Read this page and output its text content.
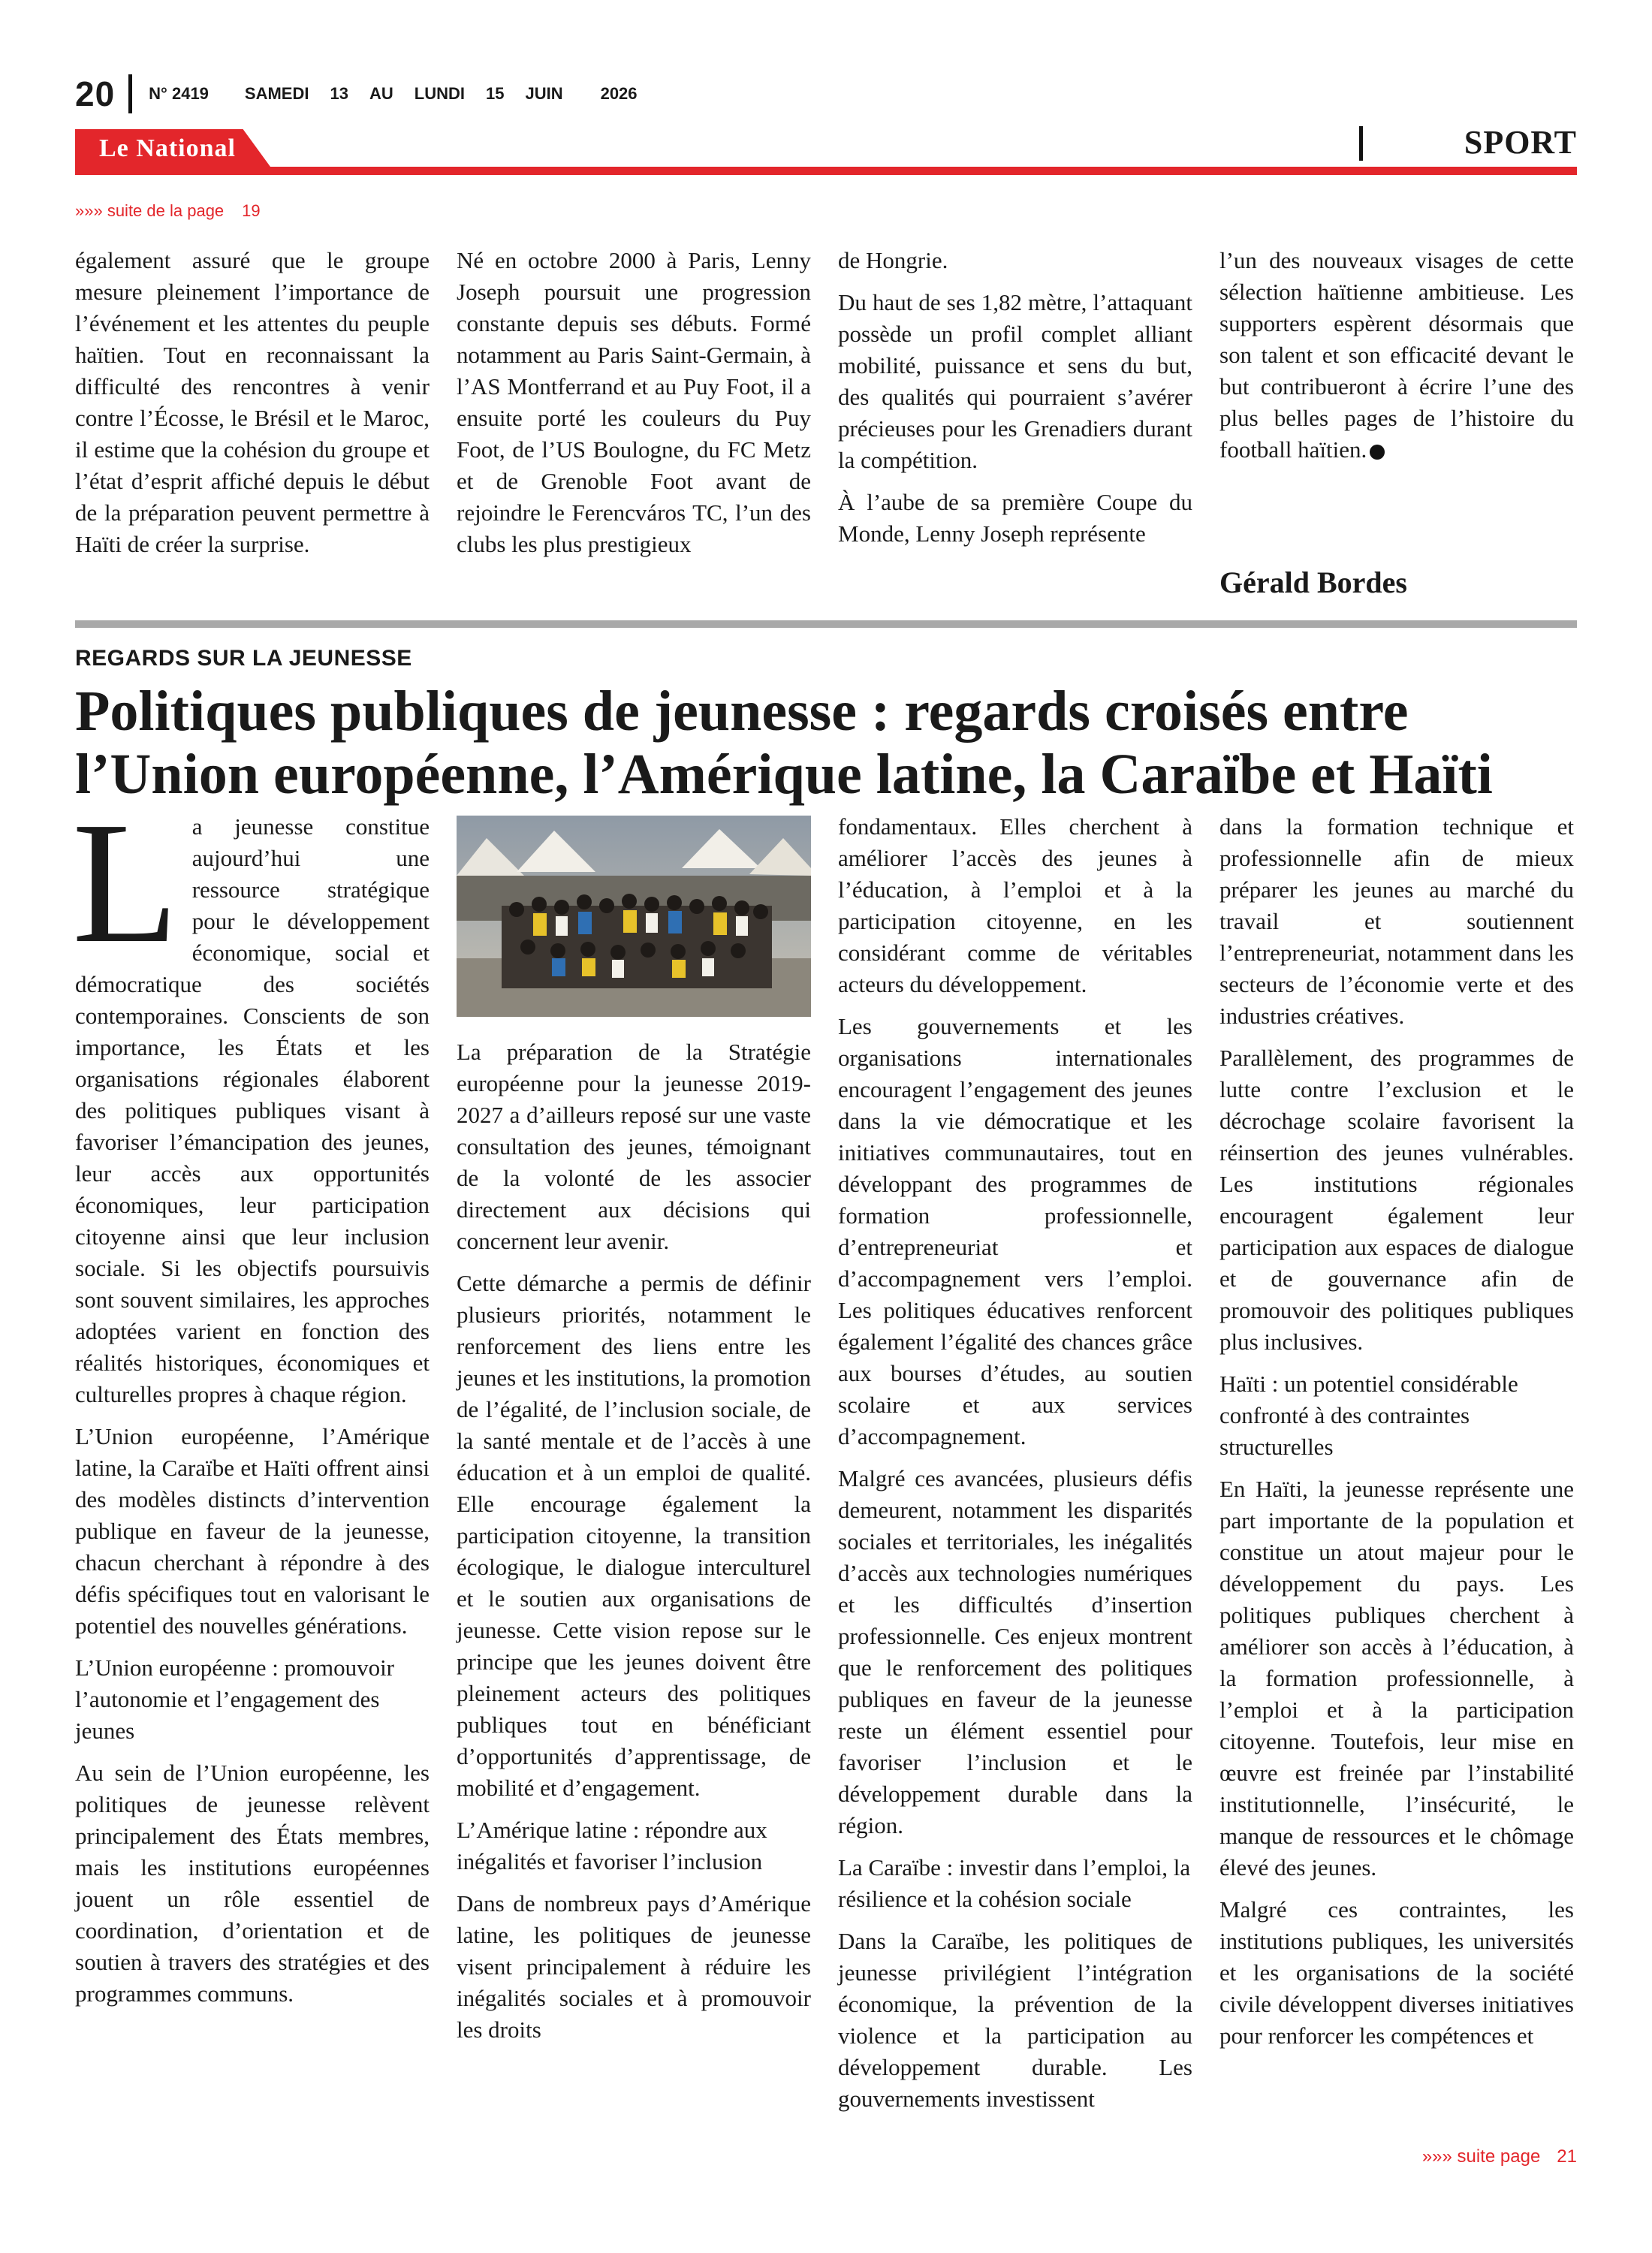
20 N° 2419 SAMEDI 13 AU LUNDI 15 JUIN 2026
Le National	SPORT
»»» suite de la page 19

également assuré que le groupe mesure pleinement l’importance de l’événement et les attentes du peuple haïtien. Tout en reconnaissant la difficulté des rencontres à venir contre l’Écosse, le Brésil et le Maroc, il estime que la cohésion du groupe et l’état d’esprit affiché depuis le début de la préparation peuvent permettre à Haïti de créer la surprise.

Né en octobre 2000 à Paris, Lenny Joseph poursuit une progression constante depuis ses débuts. Formé notamment au Paris Saint-Germain, à l’AS Montferrand et au Puy Foot, il a ensuite porté les couleurs du Puy Foot, de l’US Boulogne, du FC Metz et de Grenoble Foot avant de rejoindre le Ferencváros TC, l’un des clubs les plus prestigieux

de Hongrie.

Du haut de ses 1,82 mètre, l’attaquant possède un profil complet alliant mobilité, puissance et sens du but, des qualités qui pourraient s’avérer précieuses pour les Grenadiers durant la compétition.

À l’aube de sa première Coupe du Monde, Lenny Joseph représente

l’un des nouveaux visages de cette sélection haïtienne ambitieuse. Les supporters espèrent désormais que son talent et son efficacité devant le but contribueront à écrire l’une des plus belles pages de l’histoire du football haïtien.

Gérald Bordes
REGARDS SUR LA JEUNESSE
Politiques publiques de jeunesse : regards croisés entre l’Union européenne, l’Amérique latine, la Caraïbe et Haïti

La jeunesse constitue aujourd’hui une ressource stratégique pour le développement économique, social et démocratique des sociétés contemporaines. Conscients de son importance, les États et les organisations régionales élaborent des politiques publiques visant à favoriser l’émancipation des jeunes, leur accès aux opportunités économiques, leur participation citoyenne ainsi que leur inclusion sociale. Si les objectifs poursuivis sont souvent similaires, les approches adoptées varient en fonction des réalités historiques, économiques et culturelles propres à chaque région.

L’Union européenne, l’Amérique latine, la Caraïbe et Haïti offrent ainsi des modèles distincts d’intervention publique en faveur de la jeunesse, chacun cherchant à répondre à des défis spécifiques tout en valorisant le potentiel des nouvelles générations.

L’Union européenne : promouvoir l’autonomie et l’engagement des jeunes

Au sein de l’Union européenne, les politiques de jeunesse relèvent principalement des États membres, mais les institutions européennes jouent un rôle essentiel de coordination, d’orientation et de soutien à travers des stratégies et des programmes communs.

La préparation de la Stratégie européenne pour la jeunesse 2019-2027 a d’ailleurs reposé sur une vaste consultation des jeunes, témoignant de la volonté de les associer directement aux décisions qui concernent leur avenir.

Cette démarche a permis de définir plusieurs priorités, notamment le renforcement des liens entre les jeunes et les institutions, la promotion de l’égalité, de l’inclusion sociale, de la santé mentale et de l’accès à une éducation et à un emploi de qualité. Elle encourage également la participation citoyenne, la transition écologique, le dialogue interculturel et le soutien aux organisations de jeunesse. Cette vision repose sur le principe que les jeunes doivent être pleinement acteurs des politiques publiques tout en bénéficiant d’opportunités d’apprentissage, de mobilité et d’engagement.

L’Amérique latine : répondre aux inégalités et favoriser l’inclusion

Dans de nombreux pays d’Amérique latine, les politiques de jeunesse visent principalement à réduire les inégalités sociales et à promouvoir les droits

fondamentaux. Elles cherchent à améliorer l’accès des jeunes à l’éducation, à l’emploi et à la participation citoyenne, en les considérant comme de véritables acteurs du développement.

Les gouvernements et les organisations internationales encouragent l’engagement des jeunes dans la vie démocratique et les initiatives communautaires, tout en développant des programmes de formation professionnelle, d’entrepreneuriat et d’accompagnement vers l’emploi. Les politiques éducatives renforcent également l’égalité des chances grâce aux bourses d’études, au soutien scolaire et aux services d’accompagnement.

Malgré ces avancées, plusieurs défis demeurent, notamment les disparités sociales et territoriales, les inégalités d’accès aux technologies numériques et les difficultés d’insertion professionnelle. Ces enjeux montrent que le renforcement des politiques publiques en faveur de la jeunesse reste un élément essentiel pour favoriser l’inclusion et le développement durable dans la région.

La Caraïbe : investir dans l’emploi, la résilience et la cohésion sociale

Dans la Caraïbe, les politiques de jeunesse privilégient l’intégration économique, la prévention de la violence et la participation au développement durable. Les gouvernements investissent

dans la formation technique et professionnelle afin de mieux préparer les jeunes au marché du travail et soutiennent l’entrepreneuriat, notamment dans les secteurs de l’économie verte et des industries créatives.

Parallèlement, des programmes de lutte contre l’exclusion et le décrochage scolaire favorisent la réinsertion des jeunes vulnérables. Les institutions régionales encouragent également leur participation aux espaces de dialogue et de gouvernance afin de promouvoir des politiques publiques plus inclusives.

Haïti : un potentiel considérable confronté à des contraintes structurelles

En Haïti, la jeunesse représente une part importante de la population et constitue un atout majeur pour le développement du pays. Les politiques publiques cherchent à améliorer son accès à l’éducation, à la formation professionnelle, à l’emploi et à la participation citoyenne. Toutefois, leur mise en œuvre est freinée par l’instabilité institutionnelle, l’insécurité, le manque de ressources et le chômage élevé des jeunes.

Malgré ces contraintes, les institutions publiques, les universités et les organisations de la société civile développent diverses initiatives pour renforcer les compétences et

»»» suite page 21
